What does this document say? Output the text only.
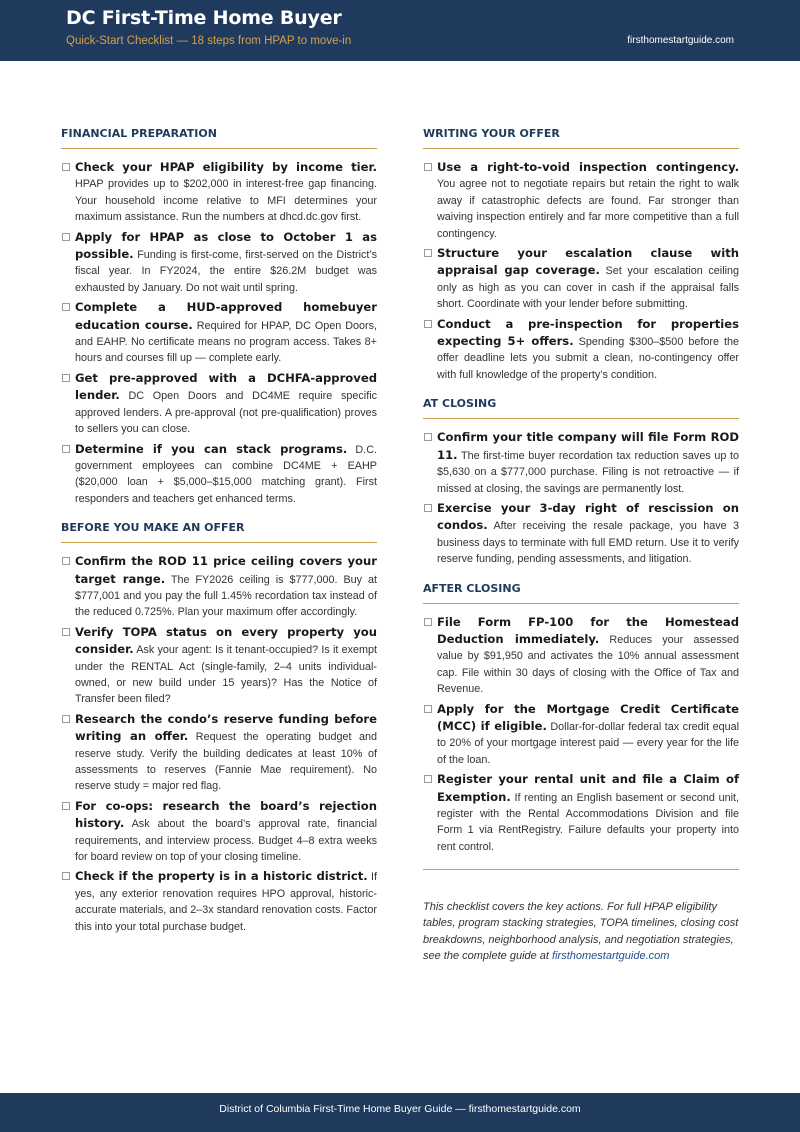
DC First-Time Home Buyer
Quick-Start Checklist — 18 steps from HPAP to move-in	firsthomestartguide.com
FINANCIAL PREPARATION
Check your HPAP eligibility by income tier. HPAP provides up to $202,000 in interest-free gap financing. Your household income relative to MFI determines your maximum assistance. Run the numbers at dhcd.dc.gov first.
Apply for HPAP as close to October 1 as possible. Funding is first-come, first-served on the District’s fiscal year. In FY2024, the entire $26.2M budget was exhausted by January. Do not wait until spring.
Complete a HUD-approved homebuyer education course. Required for HPAP, DC Open Doors, and EAHP. No certificate means no program access. Takes 8+ hours and courses fill up — complete early.
Get pre-approved with a DCHFA-approved lender. DC Open Doors and DC4ME require specific approved lenders. A pre-approval (not pre-qualification) proves to sellers you can close.
Determine if you can stack programs. D.C. government employees can combine DC4ME + EAHP ($20,000 loan + $5,000–$15,000 matching grant). First responders and teachers get enhanced terms.
BEFORE YOU MAKE AN OFFER
Confirm the ROD 11 price ceiling covers your target range. The FY2026 ceiling is $777,000. Buy at $777,001 and you pay the full 1.45% recordation tax instead of the reduced 0.725%. Plan your maximum offer accordingly.
Verify TOPA status on every property you consider. Ask your agent: Is it tenant-occupied? Is it exempt under the RENTAL Act (single-family, 2–4 units individual-owned, or new build under 15 years)? Has the Notice of Transfer been filed?
Research the condo’s reserve funding before writing an offer. Request the operating budget and reserve study. Verify the building dedicates at least 10% of assessments to reserves (Fannie Mae requirement). No reserve study = major red flag.
For co-ops: research the board’s rejection history. Ask about the board’s approval rate, financial requirements, and interview process. Budget 4–8 extra weeks for board review on top of your closing timeline.
Check if the property is in a historic district. If yes, any exterior renovation requires HPO approval, historic-accurate materials, and 2–3x standard renovation costs. Factor this into your total purchase budget.
WRITING YOUR OFFER
Use a right-to-void inspection contingency. You agree not to negotiate repairs but retain the right to walk away if catastrophic defects are found. Far stronger than waiving inspection entirely and far more competitive than a full contingency.
Structure your escalation clause with appraisal gap coverage. Set your escalation ceiling only as high as you can cover in cash if the appraisal falls short. Coordinate with your lender before submitting.
Conduct a pre-inspection for properties expecting 5+ offers. Spending $300–$500 before the offer deadline lets you submit a clean, no-contingency offer with full knowledge of the property’s condition.
AT CLOSING
Confirm your title company will file Form ROD 11. The first-time buyer recordation tax reduction saves up to $5,630 on a $777,000 purchase. Filing is not retroactive — if missed at closing, the savings are permanently lost.
Exercise your 3-day right of rescission on condos. After receiving the resale package, you have 3 business days to terminate with full EMD return. Use it to verify reserve funding, pending assessments, and litigation.
AFTER CLOSING
File Form FP-100 for the Homestead Deduction immediately. Reduces your assessed value by $91,950 and activates the 10% annual assessment cap. File within 30 days of closing with the Office of Tax and Revenue.
Apply for the Mortgage Credit Certificate (MCC) if eligible. Dollar-for-dollar federal tax credit equal to 20% of your mortgage interest paid — every year for the life of the loan.
Register your rental unit and file a Claim of Exemption. If renting an English basement or second unit, register with the Rental Accommodations Division and file Form 1 via RentRegistry. Failure defaults your property into rent control.
This checklist covers the key actions. For full HPAP eligibility tables, program stacking strategies, TOPA timelines, closing cost breakdowns, neighborhood analysis, and negotiation strategies, see the complete guide at firsthomestartguide.com
District of Columbia First-Time Home Buyer Guide — firsthomestartguide.com
